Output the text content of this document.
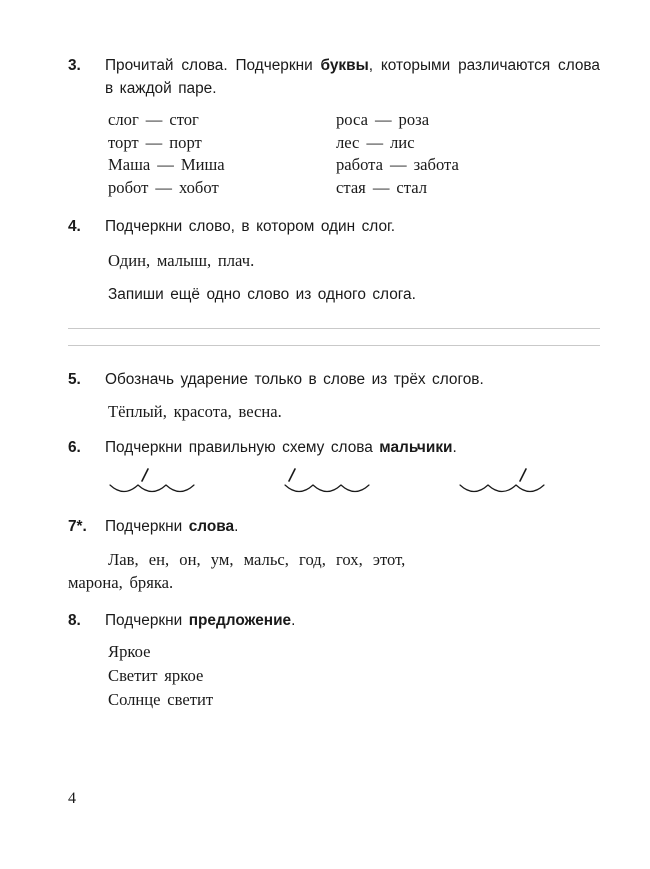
3. Прочитай слова. Подчеркни буквы, которыми различаются слова в каждой паре.

слог — стог	роса — роза
торт — порт	лес — лис
Маша — Миша	работа — забота
робот — хобот	стая — стал

4. Подчеркни слово, в котором один слог.

Один, малыш, плач.

Запиши ещё одно слово из одного слога.

5. Обозначь ударение только в слове из трёх слогов.

Тёплый, красота, весна.

6. Подчеркни правильную схему слова мальчики.

7*. Подчеркни слова.

Лав, ен, он, ум, мальс, год, гох, этот,

марона, бряка.

8. Подчеркни предложение.

Яркое

Светит яркое

Солнце светит

4
